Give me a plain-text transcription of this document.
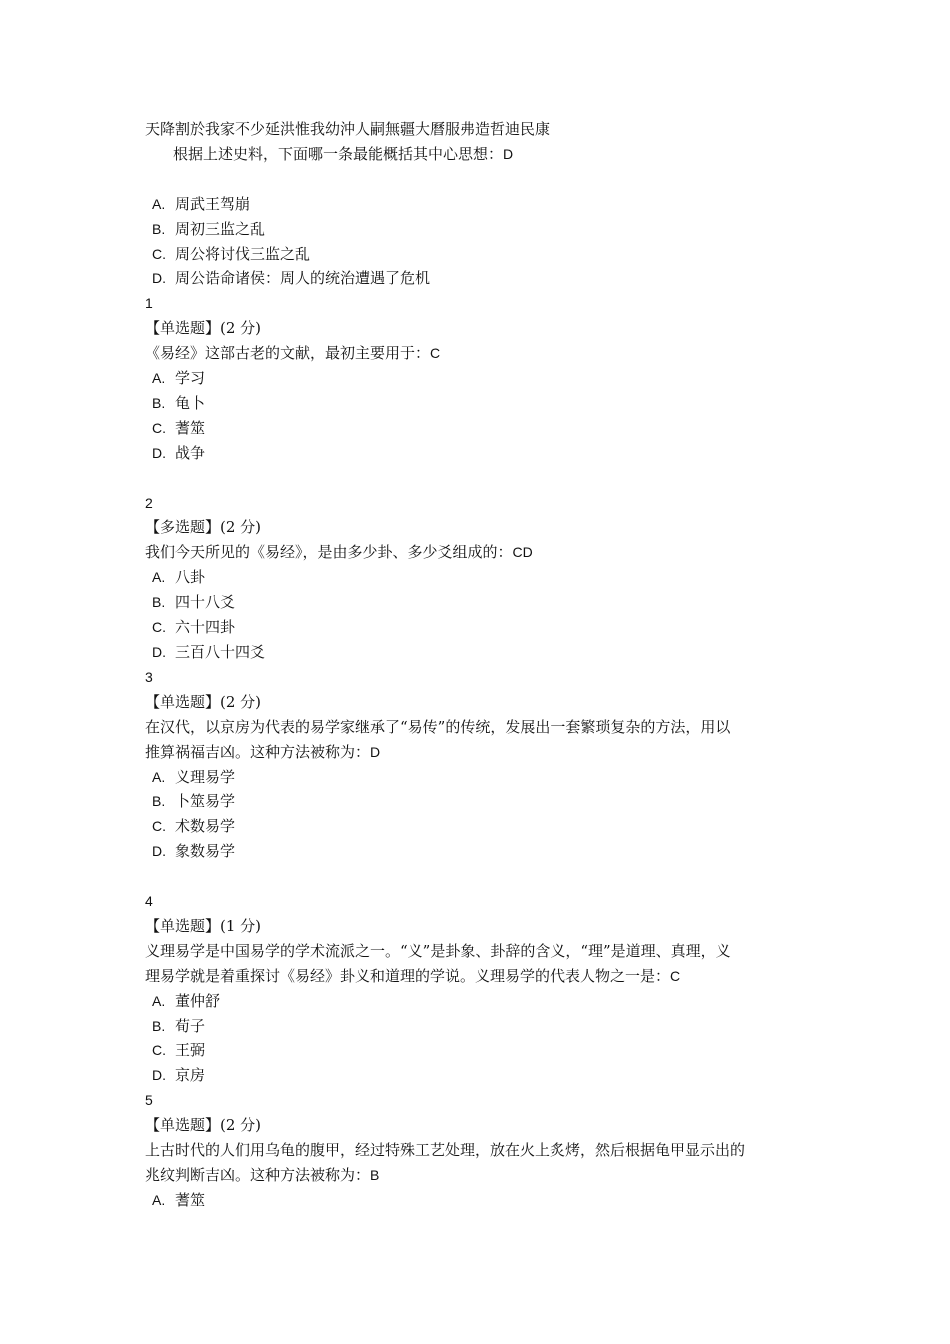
天降割於我家不少延洪惟我幼沖人嗣無疆大曆服弗造哲迪民康
根据上述史料，下面哪一条最能概括其中心思想：D
A. 周武王驾崩
B. 周初三监之乱
C. 周公将讨伐三监之乱
D. 周公诰命诸侯：周人的统治遭遇了危机
1
【单选题】(2 分)
《易经》这部古老的文献，最初主要用于：C
A. 学习
B. 龟卜
C. 蓍筮
D. 战争
2
【多选题】(2 分)
我们今天所见的《易经》，是由多少卦、多少爻组成的：CD
A. 八卦
B. 四十八爻
C. 六十四卦
D. 三百八十四爻
3
【单选题】(2 分)
在汉代，以京房为代表的易学家继承了“易传”的传统，发展出一套繁琐复杂的方法，用以
推算祸福吉凶。这种方法被称为：D
A. 义理易学
B. 卜筮易学
C. 术数易学
D. 象数易学
4
【单选题】(1 分)
义理易学是中国易学的学术流派之一。“义”是卦象、卦辞的含义，“理”是道理、真理，义
理易学就是着重探讨《易经》卦义和道理的学说。义理易学的代表人物之一是：C
A. 董仲舒
B. 荀子
C. 王弼
D. 京房
5
【单选题】(2 分)
上古时代的人们用乌龟的腹甲，经过特殊工艺处理，放在火上炙烤，然后根据龟甲显示出的
兆纹判断吉凶。这种方法被称为：B
A. 蓍筮
